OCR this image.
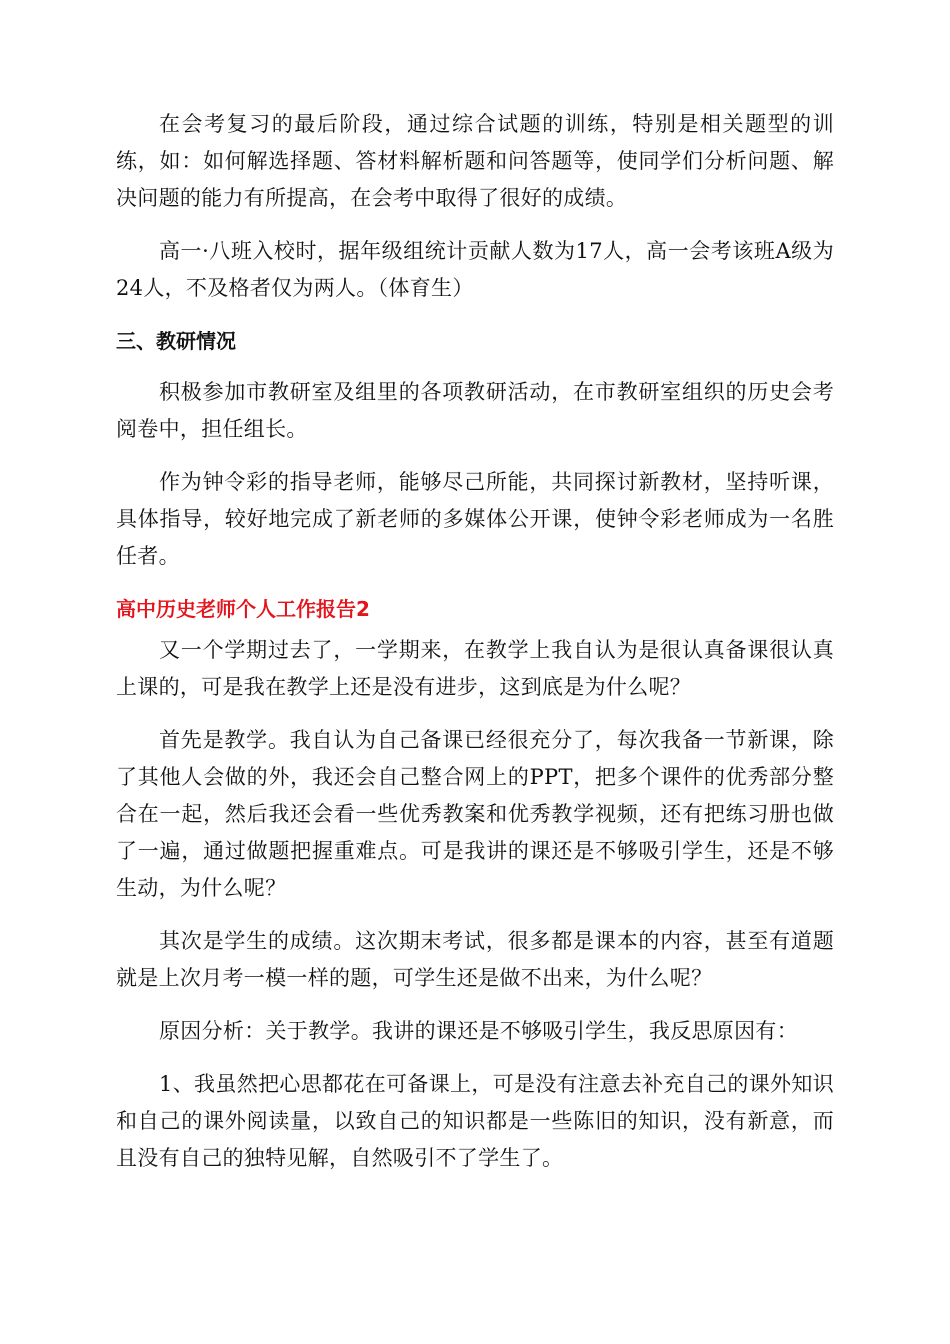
在会考复习的最后阶段，通过综合试题的训练，特别是相关题型的训练，如：如何解选择题、答材料解析题和问答题等，使同学们分析问题、解决问题的能力有所提高，在会考中取得了很好的成绩。

高一·八班入校时，据年级组统计贡献人数为17人，高一会考该班A级为24人，不及格者仅为两人。（体育生）

三、教研情况

积极参加市教研室及组里的各项教研活动，在市教研室组织的历史会考阅卷中，担任组长。

作为钟令彩的指导老师，能够尽己所能，共同探讨新教材，坚持听课，具体指导，较好地完成了新老师的多媒体公开课，使钟令彩老师成为一名胜任者。

高中历史老师个人工作报告2

又一个学期过去了，一学期来，在教学上我自认为是很认真备课很认真上课的，可是我在教学上还是没有进步，这到底是为什么呢？

首先是教学。我自认为自己备课已经很充分了，每次我备一节新课，除了其他人会做的外，我还会自己整合网上的PPT，把多个课件的优秀部分整合在一起，然后我还会看一些优秀教案和优秀教学视频，还有把练习册也做了一遍，通过做题把握重难点。可是我讲的课还是不够吸引学生，还是不够生动，为什么呢？

其次是学生的成绩。这次期末考试，很多都是课本的内容，甚至有道题就是上次月考一模一样的题，可学生还是做不出来，为什么呢？

原因分析：关于教学。我讲的课还是不够吸引学生，我反思原因有：

1、我虽然把心思都花在可备课上，可是没有注意去补充自己的课外知识和自己的课外阅读量，以致自己的知识都是一些陈旧的知识，没有新意，而且没有自己的独特见解，自然吸引不了学生了。
